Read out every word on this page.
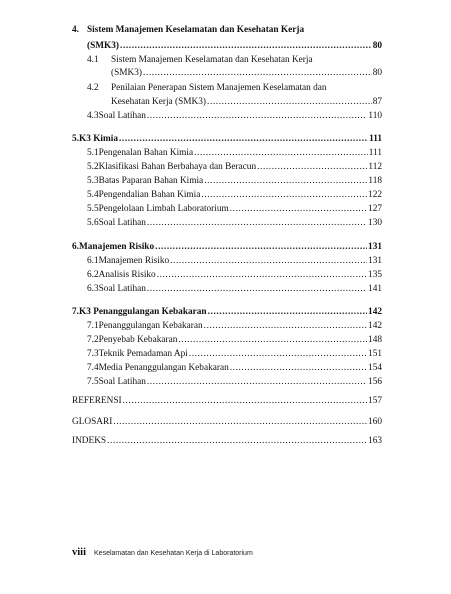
4. Sistem Manajemen Keselamatan dan Kesehatan Kerja
(SMK3) .....	80
4.1 Sistem Manajemen Keselamatan dan Kesehatan Kerja
(SMK3) .....	80
4.2 Penilaian Penerapan Sistem Manajemen Keselamatan dan
Kesehatan Kerja (SMK3) .....	87
4.3 Soal Latihan .....	110
5. K3 Kimia .....	111
5.1 Pengenalan Bahan Kimia .....	111
5.2 Klasifikasi Bahan Berbahaya dan Beracun .....	112
5.3 Batas Paparan Bahan Kimia .....	118
5.4 Pengendalian Bahan Kimia .....	122
5.5 Pengelolaan Limbah Laboratorium .....	127
5.6 Soal Latihan .....	130
6. Manajemen Risiko .....	131
6.1 Manajemen Risiko .....	131
6.2 Analisis Risiko .....	135
6.3 Soal Latihan .....	141
7. K3 Penanggulangan Kebakaran .....	142
7.1 Penanggulangan Kebakaran .....	142
7.2 Penyebab Kebakaran .....	148
7.3 Teknik Pemadaman Api .....	151
7.4 Media Penanggulangan Kebakaran .....	154
7.5 Soal Latihan .....	156
REFERENSI .....	157
GLOSARI .....	160
INDEKS .....	163
viii Keselamatan dan Kesehatan Kerja di Laboratorium
